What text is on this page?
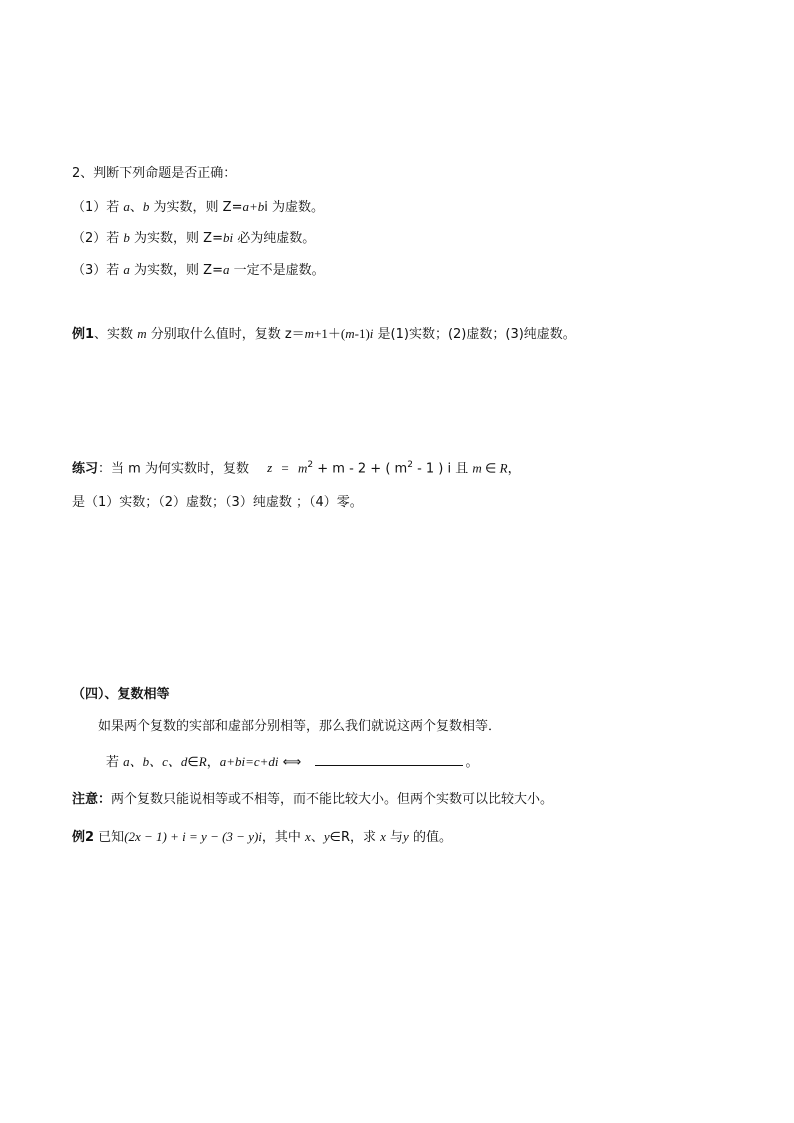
2、判断下列命题是否正确：
（1）若 a、b 为实数，则 Z=a+bi 为虚数。
（2）若 b 为实数，则 Z=bi 必为纯虚数。
（3）若 a 为实数，则 Z=a 一定不是虚数。
例1、实数 m 分别取什么值时，复数 z＝m+1＋(m-1)i 是(1)实数；(2)虚数；(3)纯虚数。
练习：当 m 为何实数时，复数 $z = m^2 + m - 2$ + ( $m^2 - 1$ ) i 且 m ∈ R，
是（1）实数；（2）虚数；（3）纯虚数 ；（4）零。
（四）、复数相等
如果两个复数的实部和虚部分别相等，那么我们就说这两个复数相等．
若 a、b、c、d∈R，a+bi=c+di ⟺	。
注意：两个复数只能说相等或不相等，而不能比较大小。但两个实数可以比较大小。
例2 已知(2x − 1) + i = y − (3 − y)i，其中 x、y∈R，求 x 与y 的值。
